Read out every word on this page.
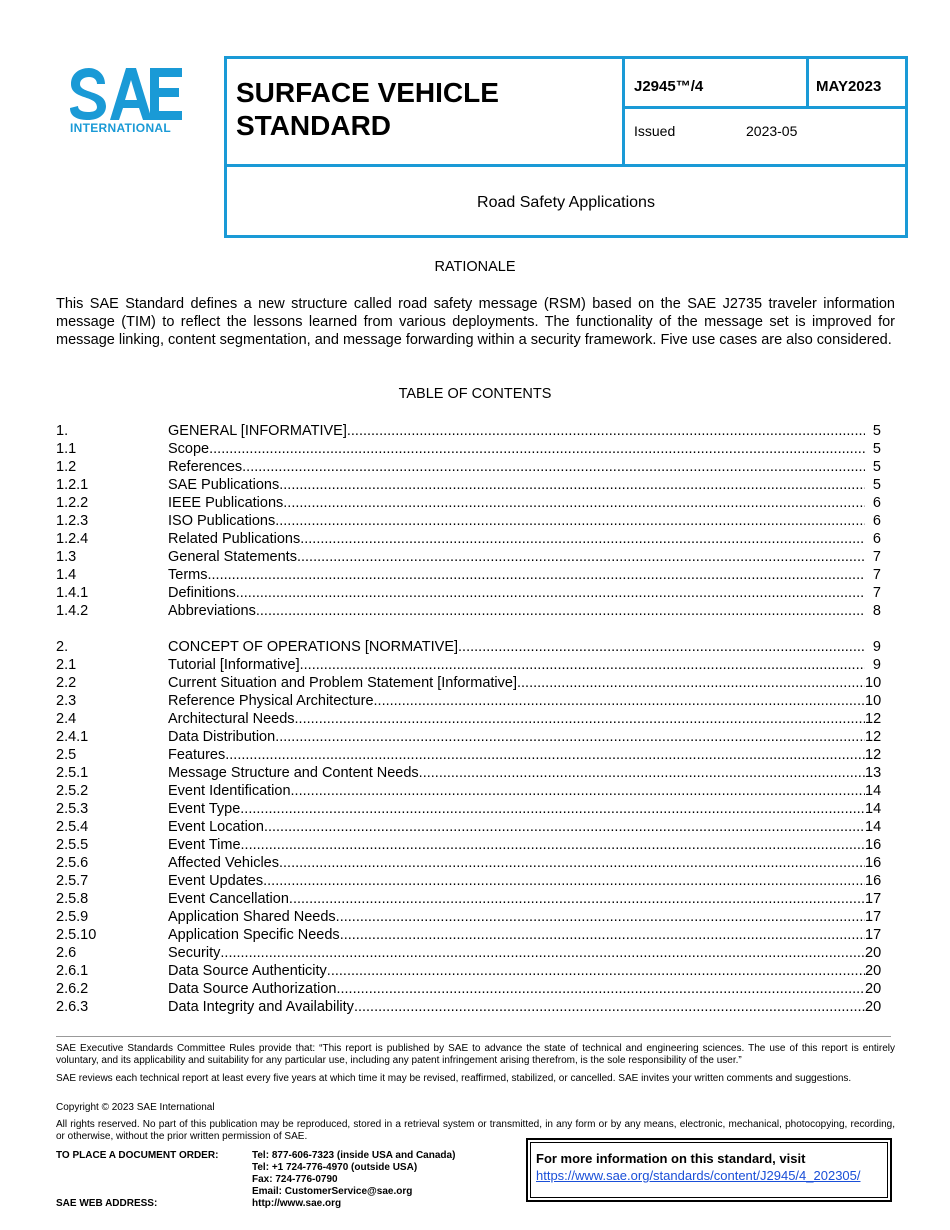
INTERNATIONAL
SURFACE VEHICLE STANDARD
J2945™/4	MAY2023
Issued	2023-05
Road Safety Applications
RATIONALE
This SAE Standard defines a new structure called road safety message (RSM) based on the SAE J2735 traveler information message (TIM) to reflect the lessons learned from various deployments. The functionality of the message set is improved for message linking, content segmentation, and message forwarding within a security framework. Five use cases are also considered.
TABLE OF CONTENTS
1.	GENERAL [INFORMATIVE] .....	5
1.1	Scope .....	5
1.2	References .....	5
1.2.1	SAE Publications .....	5
1.2.2	IEEE Publications .....	6
1.2.3	ISO Publications .....	6
1.2.4	Related Publications .....	6
1.3	General Statements .....	7
1.4	Terms .....	7
1.4.1	Definitions .....	7
1.4.2	Abbreviations .....	8
2.	CONCEPT OF OPERATIONS [NORMATIVE] .....	9
2.1	Tutorial [Informative] .....	9
2.2	Current Situation and Problem Statement [Informative] .....	10
2.3	Reference Physical Architecture .....	10
2.4	Architectural Needs .....	12
2.4.1	Data Distribution .....	12
2.5	Features .....	12
2.5.1	Message Structure and Content Needs .....	13
2.5.2	Event Identification .....	14
2.5.3	Event Type .....	14
2.5.4	Event Location .....	14
2.5.5	Event Time .....	16
2.5.6	Affected Vehicles .....	16
2.5.7	Event Updates .....	16
2.5.8	Event Cancellation .....	17
2.5.9	Application Shared Needs .....	17
2.5.10	Application Specific Needs .....	17
2.6	Security .....	20
2.6.1	Data Source Authenticity .....	20
2.6.2	Data Source Authorization .....	20
2.6.3	Data Integrity and Availability .....	20
SAE Executive Standards Committee Rules provide that: “This report is published by SAE to advance the state of technical and engineering sciences. The use of this report is entirely voluntary, and its applicability and suitability for any particular use, including any patent infringement arising therefrom, is the sole responsibility of the user.”
SAE reviews each technical report at least every five years at which time it may be revised, reaffirmed, stabilized, or cancelled. SAE invites your written comments and suggestions.
Copyright © 2023 SAE International
All rights reserved. No part of this publication may be reproduced, stored in a retrieval system or transmitted, in any form or by any means, electronic, mechanical, photocopying, recording, or otherwise, without the prior written permission of SAE.
TO PLACE A DOCUMENT ORDER:	Tel: 877-606-7323 (inside USA and Canada)
Tel: +1 724-776-4970 (outside USA)
Fax: 724-776-0790
Email: CustomerService@sae.org
SAE WEB ADDRESS:	http://www.sae.org
For more information on this standard, visit
https://www.sae.org/standards/content/J2945/4_202305/
